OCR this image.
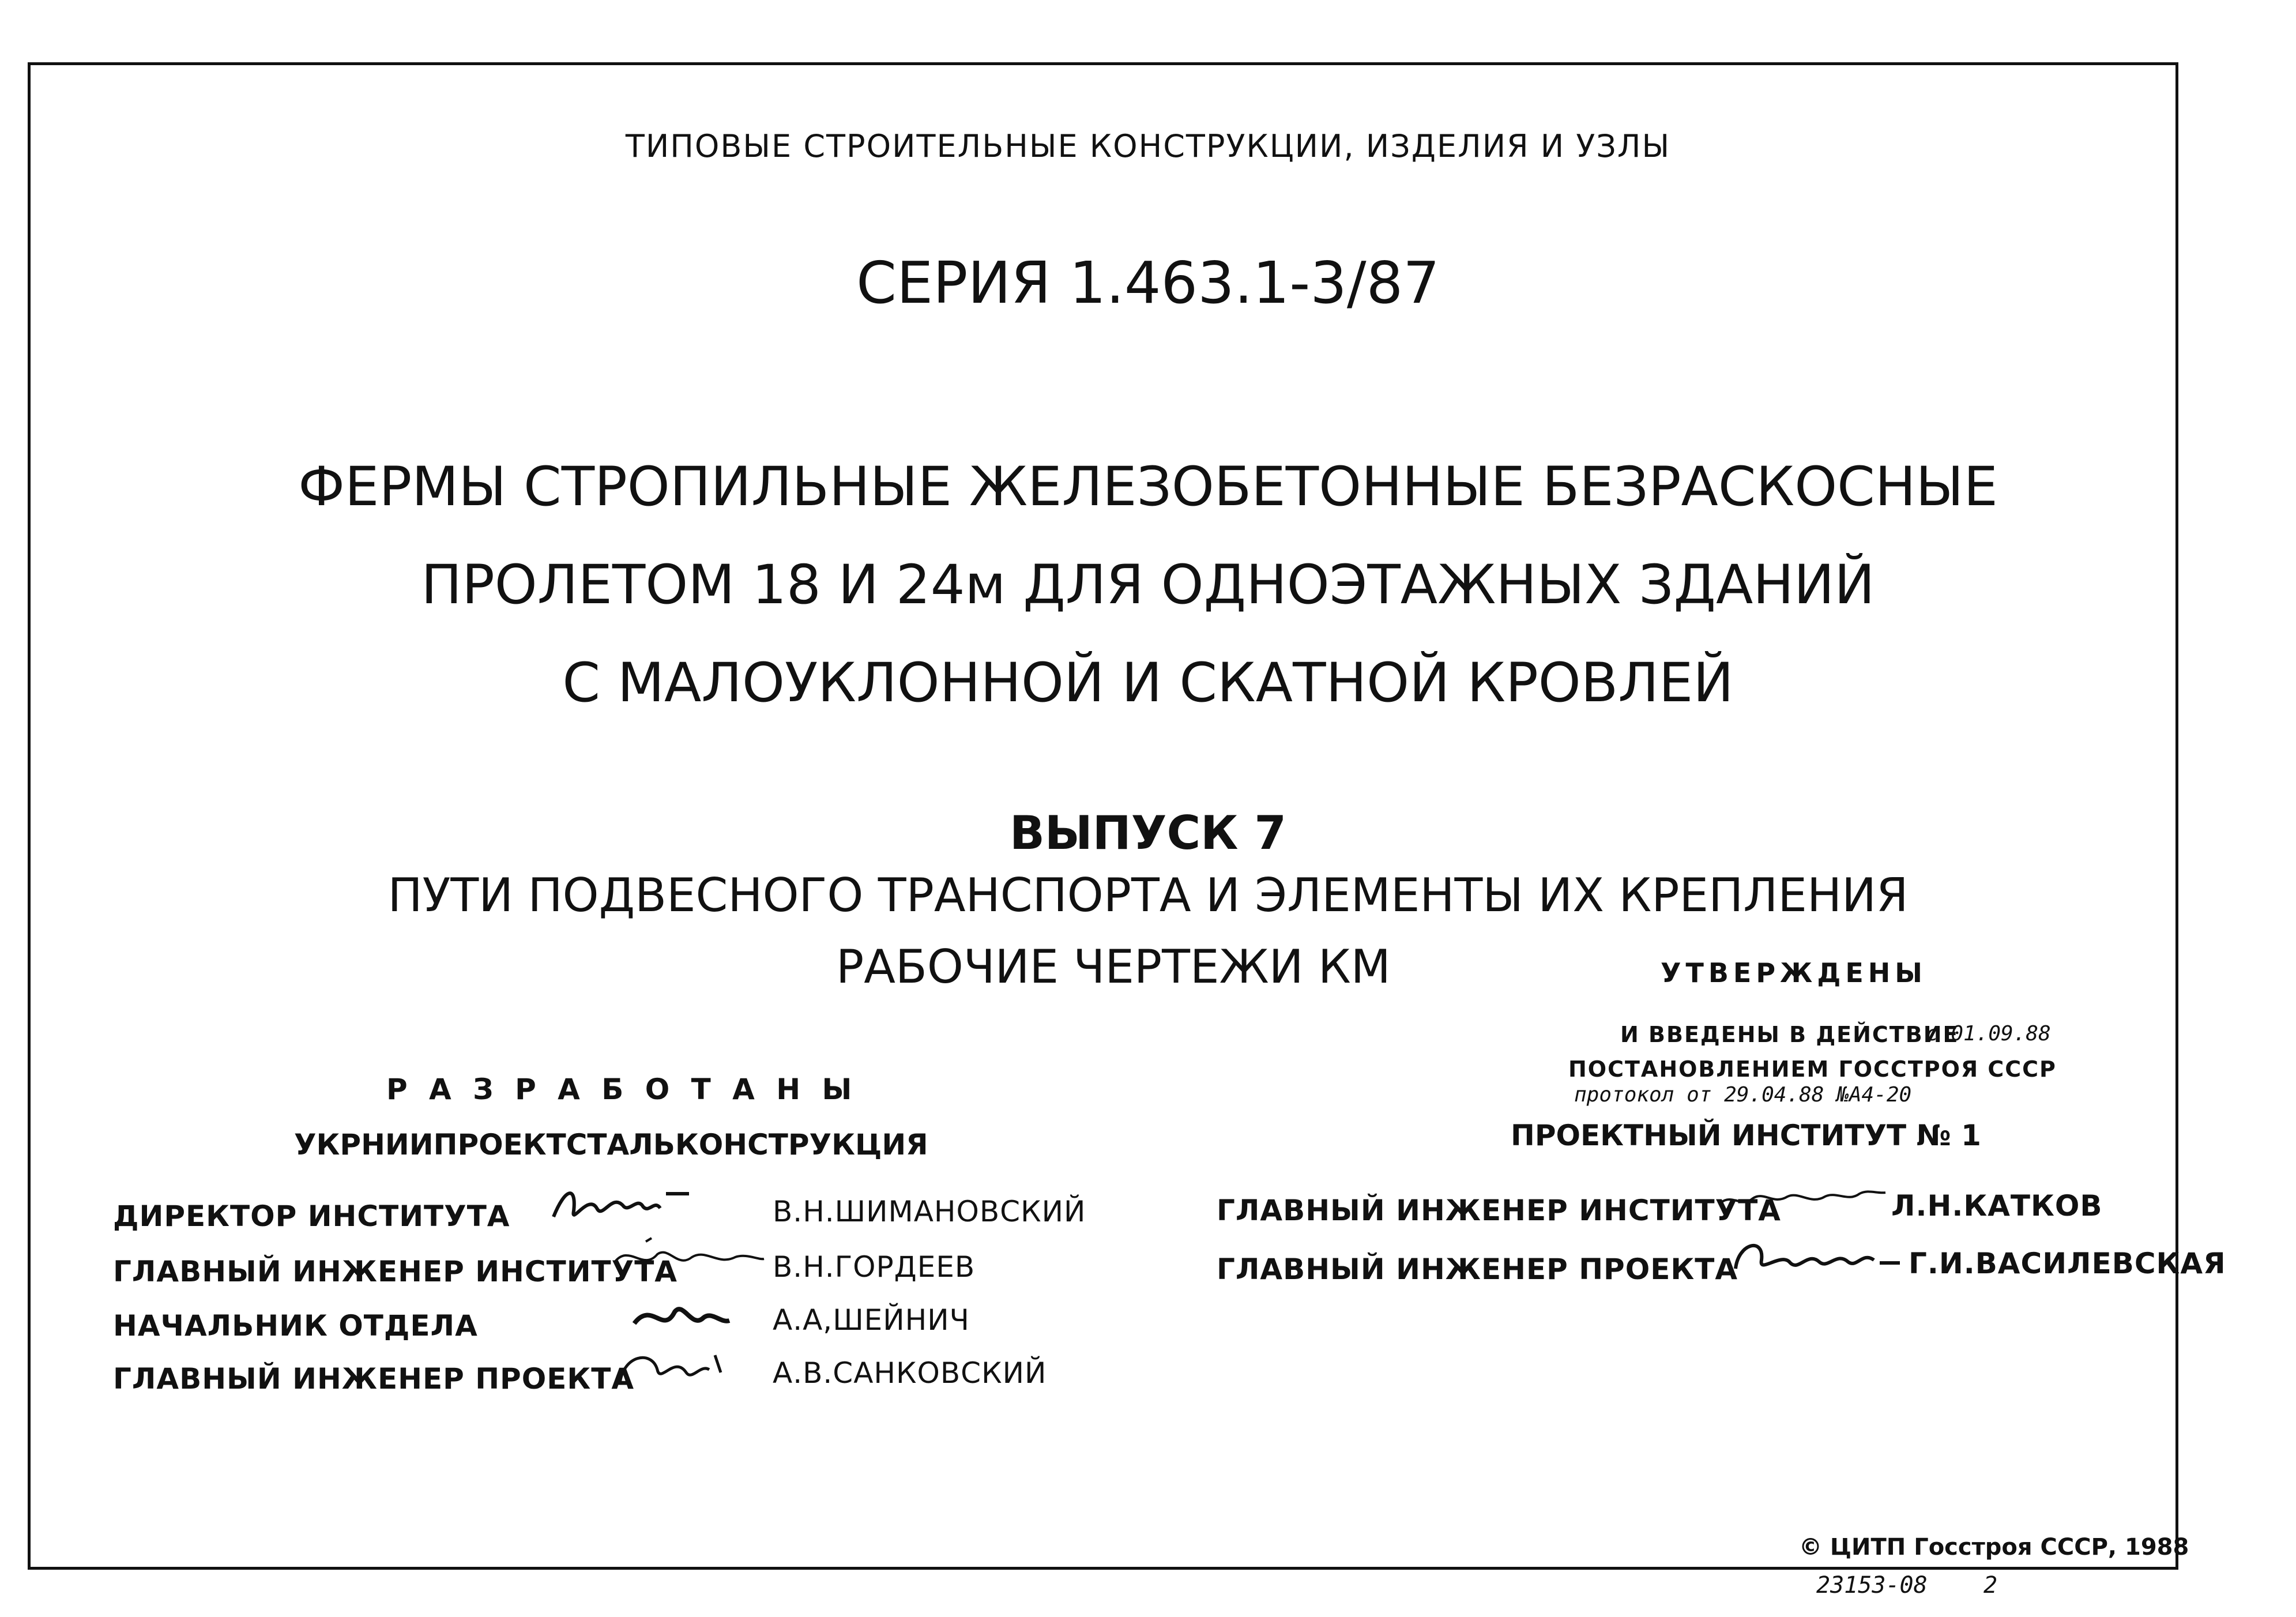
ТИПОВЫЕ СТРОИТЕЛЬНЫЕ КОНСТРУКЦИИ, ИЗДЕЛИЯ И УЗЛЫ
СЕРИЯ 1.463.1-3/87
ФЕРМЫ СТРОПИЛЬНЫЕ ЖЕЛЕЗОБЕТОННЫЕ БЕЗРАСКОСНЫЕ
ПРОЛЕТОМ 18 И 24м ДЛЯ ОДНОЭТАЖНЫХ ЗДАНИЙ
С МАЛОУКЛОННОЙ И СКАТНОЙ КРОВЛЕЙ
ВЫПУСК 7
ПУТИ ПОДВЕСНОГО ТРАНСПОРТА И ЭЛЕМЕНТЫ ИХ КРЕПЛЕНИЯ
РАБОЧИЕ ЧЕРТЕЖИ КМ	УТВЕРЖДЕНЫ
И ВВЕДЕНЫ В ДЕЙСТВИЕ
с 01.09.88
ПОСТАНОВЛЕНИЕМ ГОССТРОЯ СССР
протокол от 29.04.88 №А4-20
ПРОЕКТНЫЙ ИНСТИТУТ № 1
Р А З Р А Б О Т А Н Ы
УКРНИИПРОЕКТСТАЛЬКОНСТРУКЦИЯ
ДИРЕКТОР ИНСТИТУТА	В.Н.ШИМАНОВСКИЙ
ГЛАВНЫЙ ИНЖЕНЕР ИНСТИТУТА	В.Н.ГОРДЕЕВ
НАЧАЛЬНИК ОТДЕЛА	А.А,ШЕЙНИЧ
ГЛАВНЫЙ ИНЖЕНЕР ПРОЕКТА	А.В.САНКОВСКИЙ
ГЛАВНЫЙ ИНЖЕНЕР ИНСТИТУТА	Л.Н.КАТКОВ
ГЛАВНЫЙ ИНЖЕНЕР ПРОЕКТА	Г.И.ВАСИЛЕВСКАЯ
© ЦИТП Госстроя СССР, 1988
23153-08 2
